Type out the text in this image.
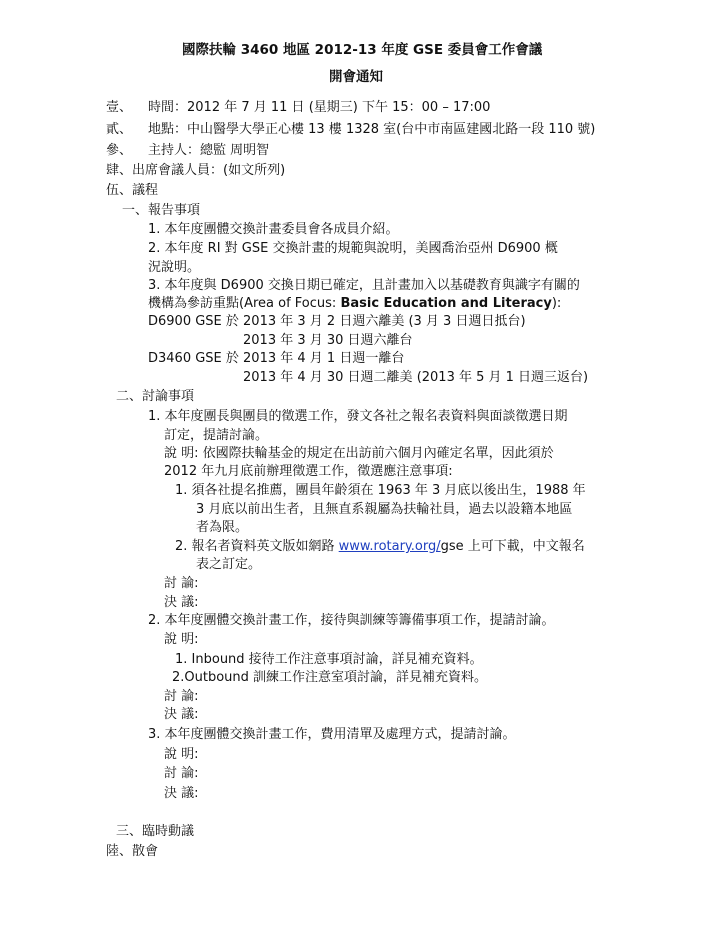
國際扶輪 3460 地區 2012-13 年度 GSE 委員會工作會議
開會通知
壹、 時間：2012 年 7 月 11 日 (星期三) 下午 15：00 – 17:00
貳、 地點：中山醫學大學正心樓 13 樓 1328 室(台中市南區建國北路一段 110 號)
參、 主持人：總監 周明智
肆、出席會議人員：(如文所列)
伍、議程
一、報告事項
1. 本年度團體交換計畫委員會各成員介紹。
2. 本年度 RI 對 GSE 交換計畫的規範與說明，美國喬治亞州 D6900 概
況說明。
3. 本年度與 D6900 交換日期已確定，且計畫加入以基礎教育與識字有關的
機構為參訪重點(Area of Focus: Basic Education and Literacy):
D6900 GSE 於 2013 年 3 月 2 日週六離美 (3 月 3 日週日抵台)
2013 年 3 月 30 日週六離台
D3460 GSE 於 2013 年 4 月 1 日週一離台
2013 年 4 月 30 日週二離美 (2013 年 5 月 1 日週三返台)
二、討論事項
1. 本年度團長與團員的徵選工作，發文各社之報名表資料與面談徵選日期
訂定，提請討論。
說 明: 依國際扶輪基金的規定在出訪前六個月內確定名單，因此須於
2012 年九月底前辦理徵選工作，徵選應注意事項:
1. 須各社提名推薦，團員年齡須在 1963 年 3 月底以後出生，1988 年
3 月底以前出生者，且無直系親屬為扶輪社員，過去以設籍本地區
者為限。
2. 報名者資料英文版如網路 www.rotary.org/gse 上可下載，中文報名
表之訂定。
討 論:
決 議:
2. 本年度團體交換計畫工作，接待與訓練等籌備事項工作，提請討論。
說 明:
1. Inbound 接待工作注意事項討論，詳見補充資料。
2.Outbound 訓練工作注意室項討論，詳見補充資料。
討 論:
決 議:
3. 本年度團體交換計畫工作，費用清單及處理方式，提請討論。
說 明:
討 論:
決 議:
三、臨時動議
陸、散會
